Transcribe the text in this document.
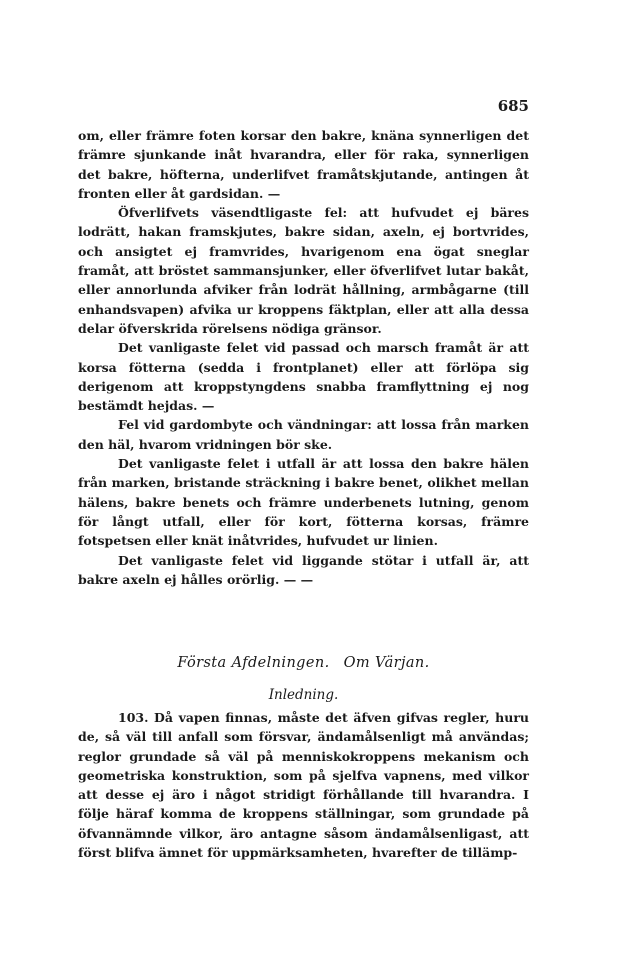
685

om, eller främre foten korsar den bakre, knäna synnerligen det främre sjunkande inåt hvarandra, eller för raka, synnerligen det bakre, höfterna, underlifvet framåtskjutande, antingen åt fronten eller åt gardsidan. —

Öfverlifvets väsendtligaste fel: att hufvudet ej bäres lodrätt, hakan framskjutes, bakre sidan, axeln, ej bortvrides, och ansigtet ej framvrides, hvarigenom ena ögat sneglar framåt, att bröstet sammansjunker, eller öfverlifvet lutar bakåt, eller annorlunda afviker från lodrät hållning, armbågarne (till enhandsvapen) afvika ur kroppens fäktplan, eller att alla dessa delar öfverskrida rörelsens nödiga gränsor.

Det vanligaste felet vid passad och marsch framåt är att korsa fötterna (sedda i frontplanet) eller att förlöpa sig derigenom att kroppstyngdens snabba framflyttning ej nog bestämdt hejdas. —

Fel vid gardombyte och vändningar: att lossa från marken den häl, hvarom vridningen bör ske.

Det vanligaste felet i utfall är att lossa den bakre hälen från marken, bristande sträckning i bakre benet, olikhet mellan hälens, bakre benets och främre underbenets lutning, genom för långt utfall, eller för kort, fötterna korsas, främre fotspetsen eller knät inåtvrides, hufvudet ur linien.

Det vanligaste felet vid liggande stötar i utfall är, att bakre axeln ej hålles orörlig. — —

Första Afdelningen. Om Värjan.
Inledning.

103. Då vapen finnas, måste det äfven gifvas regler, huru de, så väl till anfall som försvar, ändamålsenligt må användas; reglor grundade så väl på menniskokroppens mekanism och geometriska konstruktion, som på sjelfva vapnens, med vilkor att desse ej äro i något stridigt förhållande till hvarandra. I följe häraf komma de kroppens ställningar, som grundade på öfvannämnde vilkor, äro antagne såsom ändamålsenligast, att först blifva ämnet för uppmärksamheten, hvarefter de tillämp-
